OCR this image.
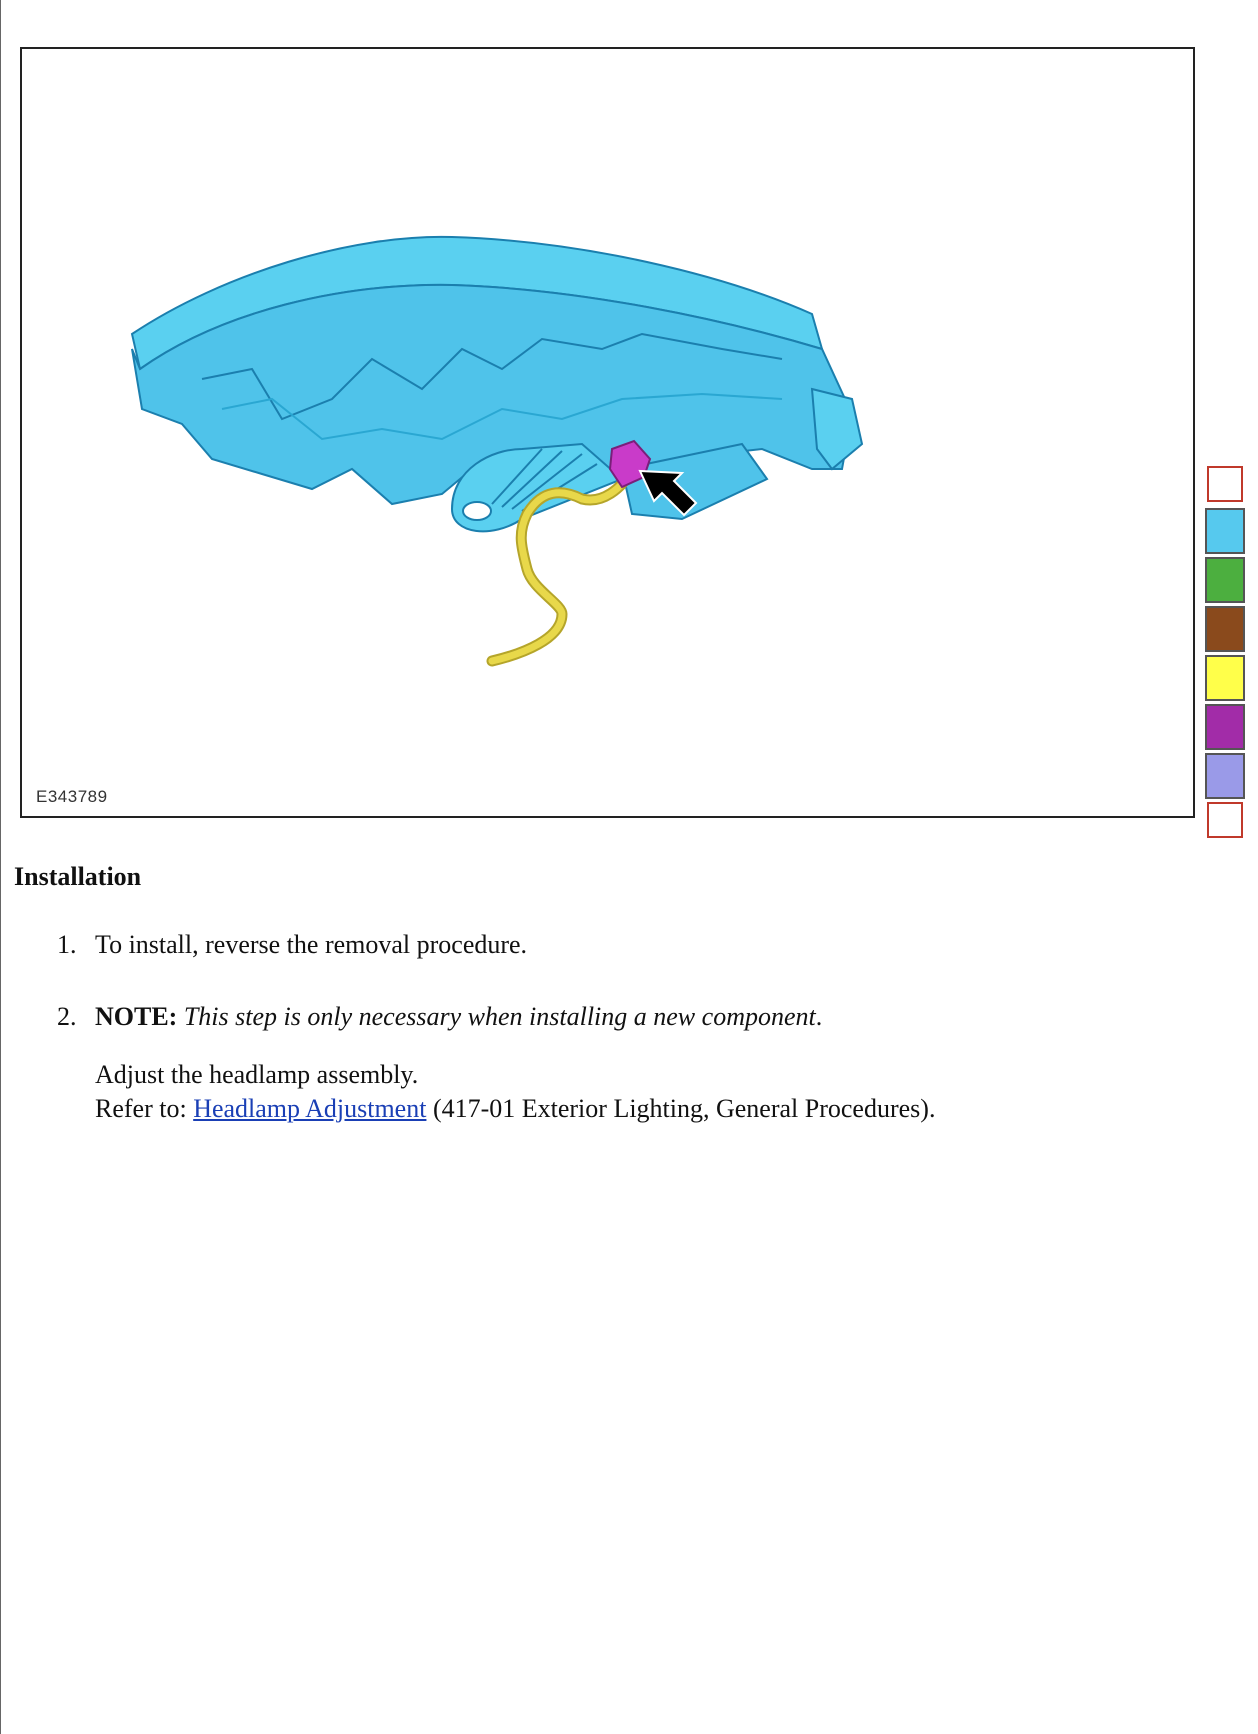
E343789
Installation
1. To install, reverse the removal procedure.
2. NOTE: This step is only necessary when installing a new component.
Adjust the headlamp assembly.
Refer to: Headlamp Adjustment (417-01 Exterior Lighting, General Procedures).
